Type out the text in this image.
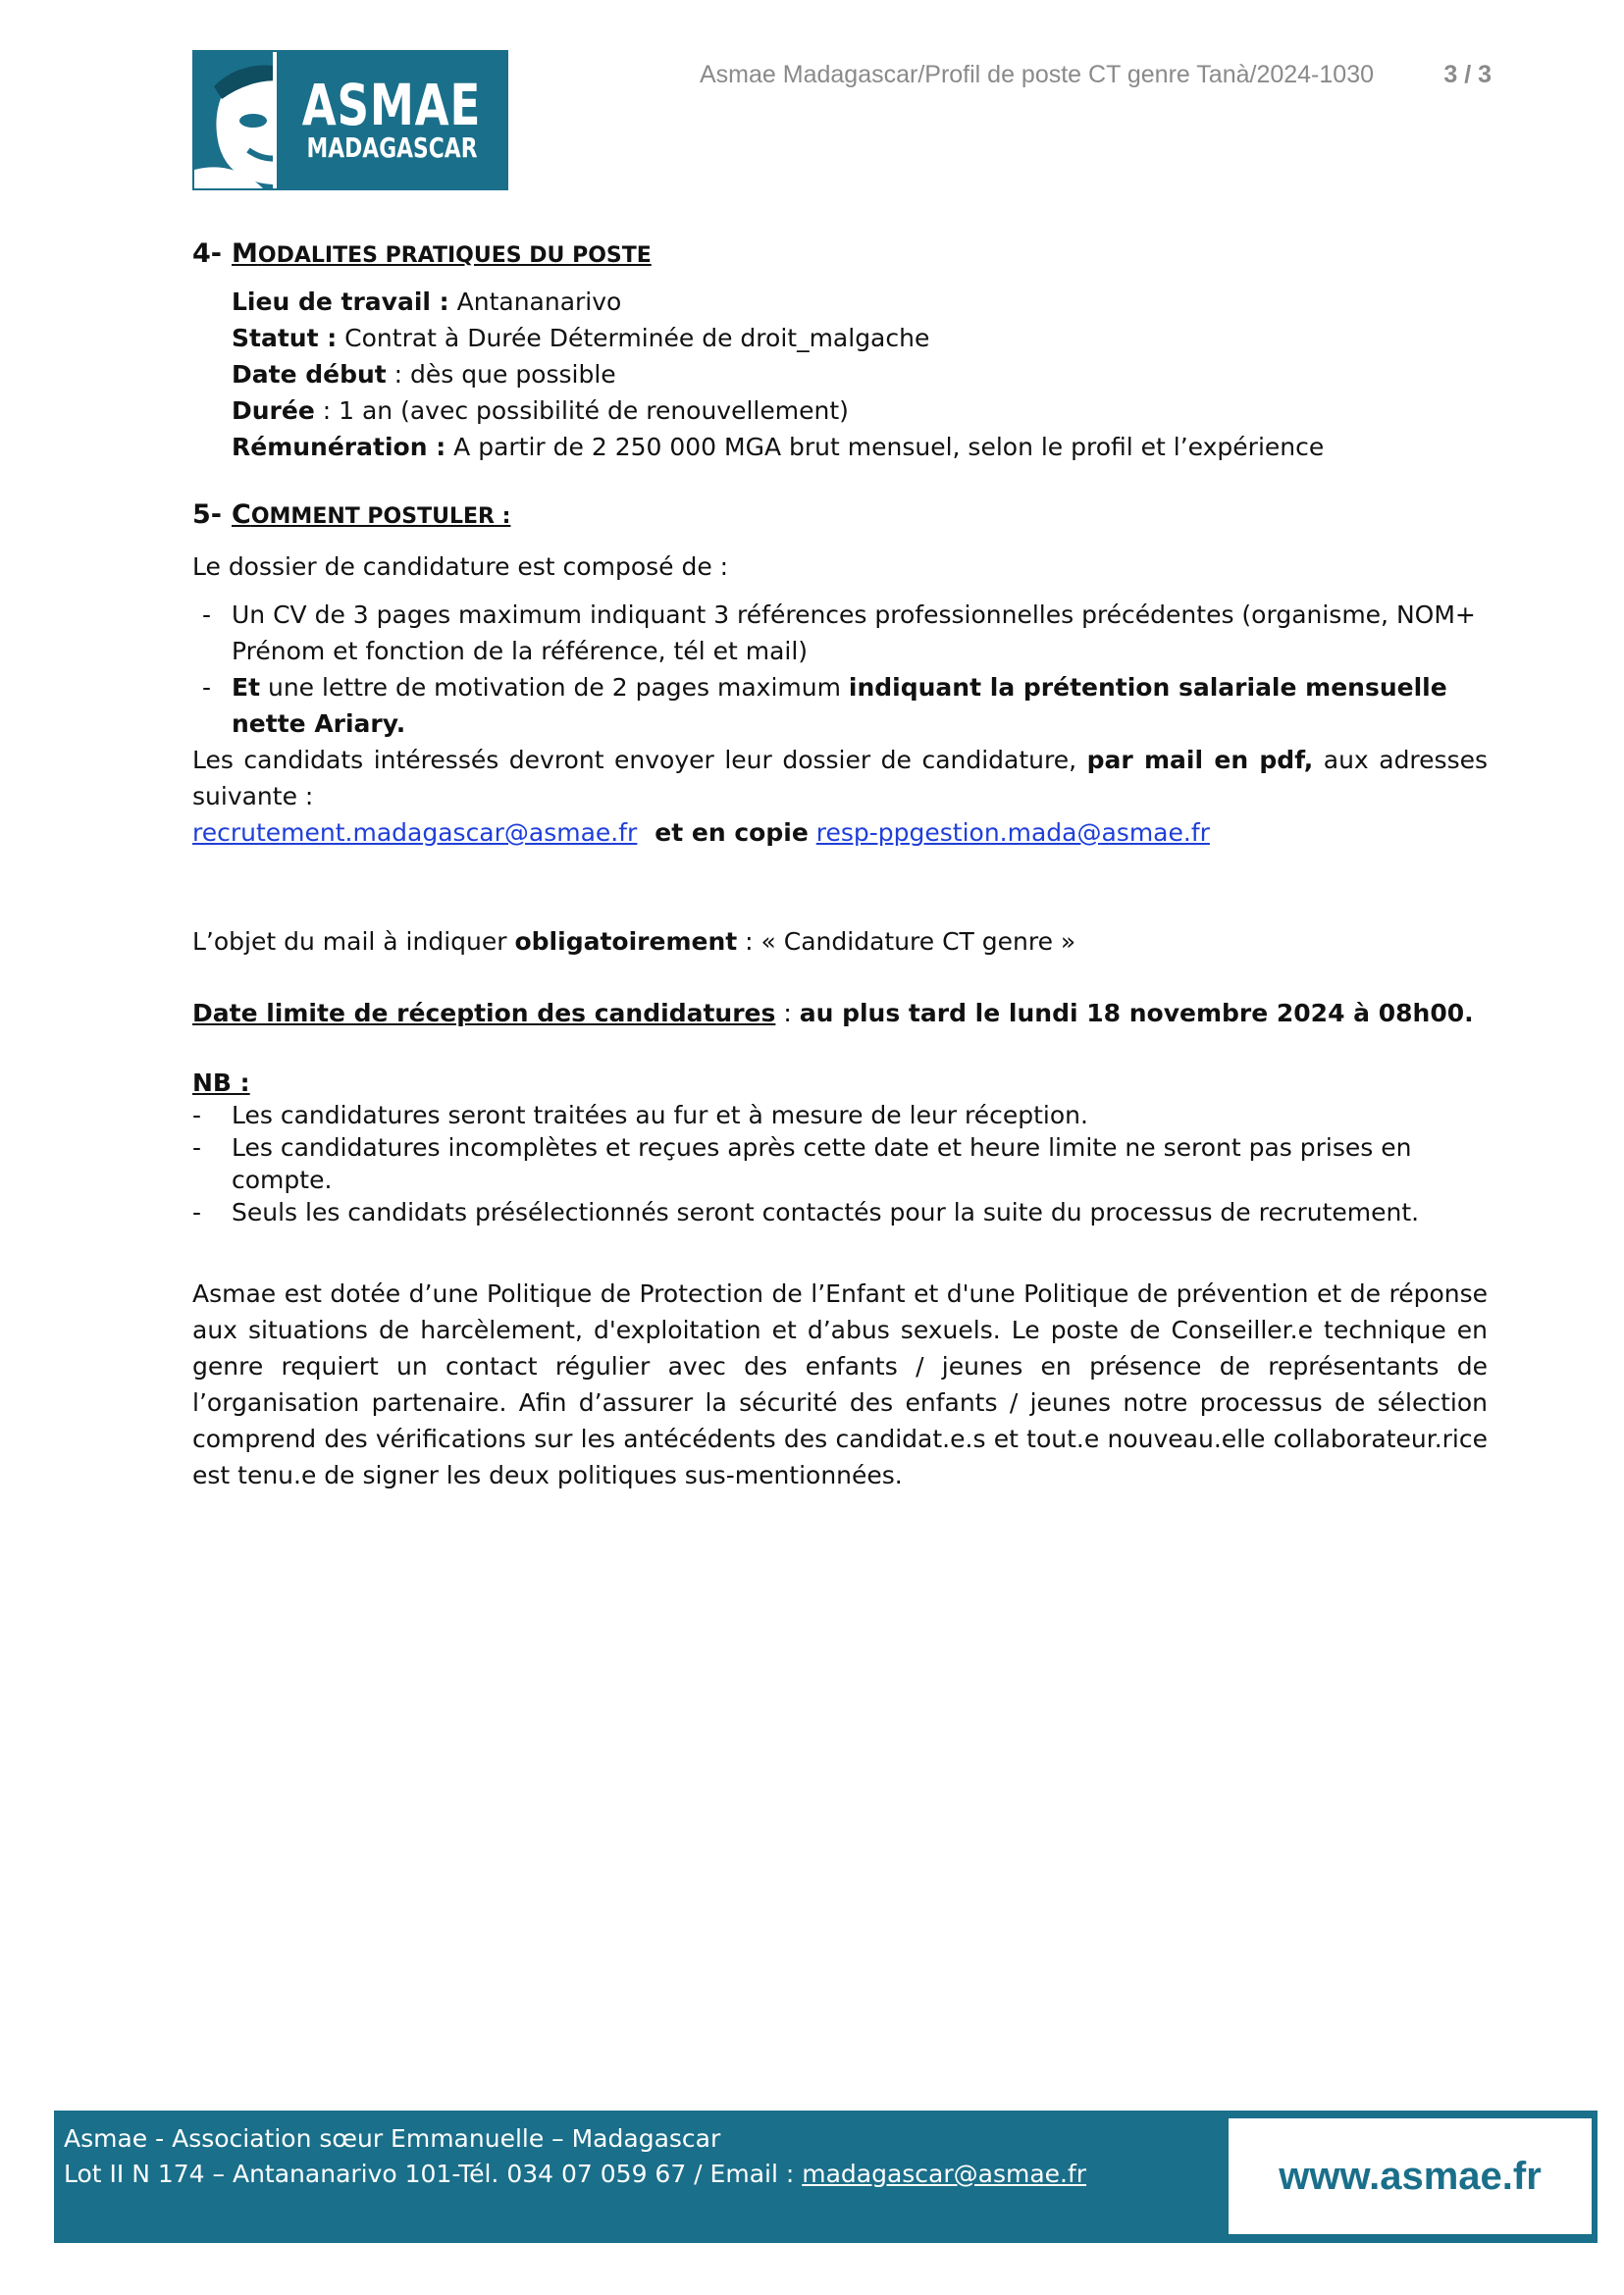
ASMAE
MADAGASCAR
Asmae Madagascar/Profil de poste CT genre Tanà/2024-1030	3 / 3
4- MODALITES PRATIQUES DU POSTE
Lieu de travail : Antananarivo
Statut : Contrat à Durée Déterminée de droit_malgache
Date début : dès que possible
Durée : 1 an (avec possibilité de renouvellement)
Rémunération : A partir de 2 250 000 MGA brut mensuel, selon le profil et l’expérience
5- COMMENT POSTULER :
Le dossier de candidature est composé de :
- Un CV de 3 pages maximum indiquant 3 références professionnelles précédentes (organisme, NOM+ Prénom et fonction de la référence, tél et mail)
- Et une lettre de motivation de 2 pages maximum indiquant la prétention salariale mensuelle nette Ariary.
Les candidats intéressés devront envoyer leur dossier de candidature, par mail en pdf, aux adresses suivante :
recrutement.madagascar@asmae.fr et en copie resp-ppgestion.mada@asmae.fr
L’objet du mail à indiquer obligatoirement : « Candidature CT genre »
Date limite de réception des candidatures : au plus tard le lundi 18 novembre 2024 à 08h00.
NB :
- Les candidatures seront traitées au fur et à mesure de leur réception.
- Les candidatures incomplètes et reçues après cette date et heure limite ne seront pas prises en compte.
- Seuls les candidats présélectionnés seront contactés pour la suite du processus de recrutement.
Asmae est dotée d’une Politique de Protection de l’Enfant et d'une Politique de prévention et de réponse aux situations de harcèlement, d'exploitation et d’abus sexuels. Le poste de Conseiller.e technique en genre requiert un contact régulier avec des enfants / jeunes en présence de représentants de l’organisation partenaire. Afin d’assurer la sécurité des enfants / jeunes notre processus de sélection comprend des vérifications sur les antécédents des candidat.e.s et tout.e nouveau.elle collaborateur.rice est tenu.e de signer les deux politiques sus-mentionnées.
Asmae - Association sœur Emmanuelle – Madagascar
Lot II N 174 – Antananarivo 101-Tél. 034 07 059 67 / Email : madagascar@asmae.fr	www.asmae.fr
